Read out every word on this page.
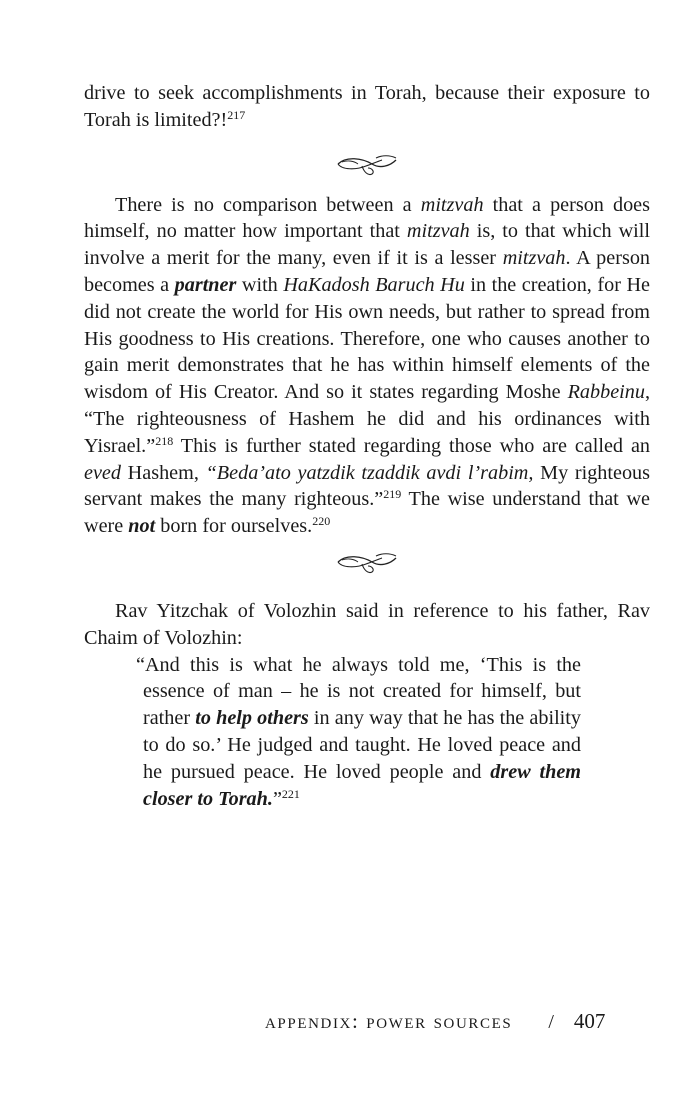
drive to seek accomplishments in Torah, because their exposure to Torah is limited?!$^{217}$

There is no comparison between a mitzvah that a person does himself, no matter how important that mitzvah is, to that which will involve a merit for the many, even if it is a lesser mitzvah. A person becomes a partner with HaKadosh Baruch Hu in the creation, for He did not create the world for His own needs, but rather to spread from His goodness to His creations. Therefore, one who causes another to gain merit demonstrates that he has within himself elements of the wisdom of His Creator. And so it states regarding Moshe Rabbeinu, “The righteousness of Hashem he did and his ordinances with Yisrael.”$^{218}$ This is further stated regarding those who are called an eved Hashem, “Beda’ato yatzdik tzaddik avdi l’rabim, My righteous servant makes the many righteous.”$^{219}$ The wise understand that we were not born for ourselves.$^{220}$

Rav Yitzchak of Volozhin said in reference to his father, Rav Chaim of Volozhin:

“And this is what he always told me, ‘This is the essence of man – he is not created for himself, but rather to help others in any way that he has the ability to do so.’ He judged and taught. He loved peace and he pursued peace. He loved people and drew them closer to Torah.”$^{221}$

appendix: power sources / 407
